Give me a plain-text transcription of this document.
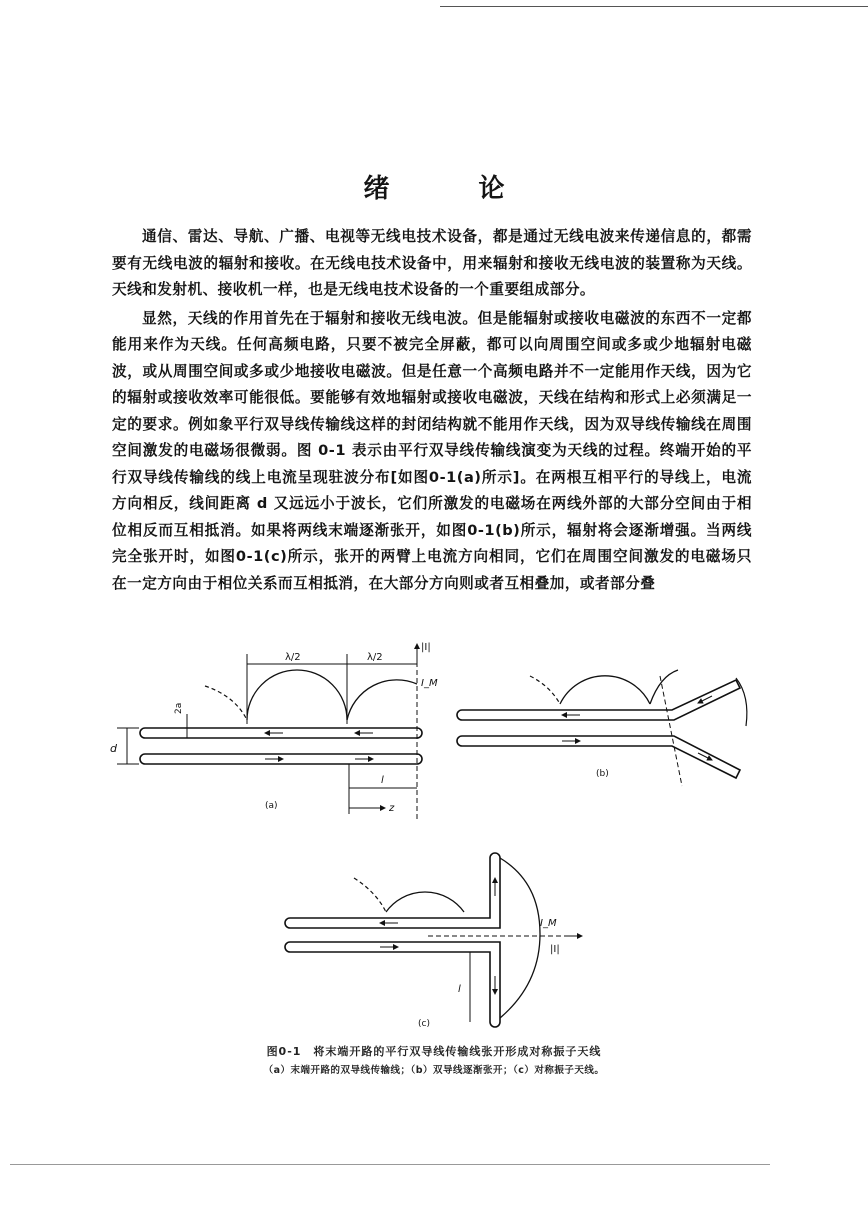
绪 论

通信、雷达、导航、广播、电视等无线电技术设备，都是通过无线电波来传递信息的，都需要有无线电波的辐射和接收。在无线电技术设备中，用来辐射和接收无线电波的装置称为天线。天线和发射机、接收机一样，也是无线电技术设备的一个重要组成部分。

显然，天线的作用首先在于辐射和接收无线电波。但是能辐射或接收电磁波的东西不一定都能用来作为天线。任何高频电路，只要不被完全屏蔽，都可以向周围空间或多或少地辐射电磁波，或从周围空间或多或少地接收电磁波。但是任意一个高频电路并不一定能用作天线，因为它的辐射或接收效率可能很低。要能够有效地辐射或接收电磁波，天线在结构和形式上必须满足一定的要求。例如象平行双导线传输线这样的封闭结构就不能用作天线，因为双导线传输线在周围空间激发的电磁场很微弱。图 0-1 表示由平行双导线传输线演变为天线的过程。终端开始的平行双导线传输线的线上电流呈现驻波分布[如图0-1(a)所示]。在两根互相平行的导线上，电流方向相反，线间距离 d 又远远小于波长，它们所激发的电磁场在两线外部的大部分空间由于相位相反而互相抵消。如果将两线末端逐渐张开，如图0-1(b)所示，辐射将会逐渐增强。当两线完全张开时，如图0-1(c)所示，张开的两臂上电流方向相同，它们在周围空间激发的电磁场只在一定方向由于相位关系而互相抵消，在大部分方向则或者互相叠加，或者部分叠

λ/2	λ/2
|I|
I_M
2a
d
l
z
(a)
(b)
I_M
|I|
l
(c)
图0-1　将末端开路的平行双导线传输线张开形成对称振子天线
（a）末端开路的双导线传输线；（b）双导线逐渐张开；（c）对称振子天线。
